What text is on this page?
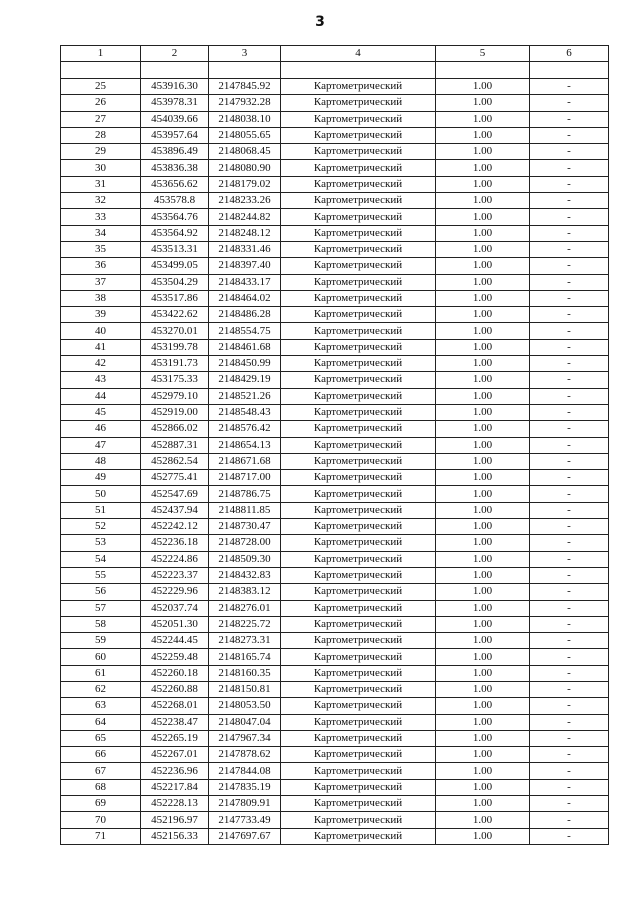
3
1	2	3	4	5	6

25	453916.30	2147845.92	Картометрический	1.00	-
26	453978.31	2147932.28	Картометрический	1.00	-
27	454039.66	2148038.10	Картометрический	1.00	-
28	453957.64	2148055.65	Картометрический	1.00	-
29	453896.49	2148068.45	Картометрический	1.00	-
30	453836.38	2148080.90	Картометрический	1.00	-
31	453656.62	2148179.02	Картометрический	1.00	-
32	453578.8	2148233.26	Картометрический	1.00	-
33	453564.76	2148244.82	Картометрический	1.00	-
34	453564.92	2148248.12	Картометрический	1.00	-
35	453513.31	2148331.46	Картометрический	1.00	-
36	453499.05	2148397.40	Картометрический	1.00	-
37	453504.29	2148433.17	Картометрический	1.00	-
38	453517.86	2148464.02	Картометрический	1.00	-
39	453422.62	2148486.28	Картометрический	1.00	-
40	453270.01	2148554.75	Картометрический	1.00	-
41	453199.78	2148461.68	Картометрический	1.00	-
42	453191.73	2148450.99	Картометрический	1.00	-
43	453175.33	2148429.19	Картометрический	1.00	-
44	452979.10	2148521.26	Картометрический	1.00	-
45	452919.00	2148548.43	Картометрический	1.00	-
46	452866.02	2148576.42	Картометрический	1.00	-
47	452887.31	2148654.13	Картометрический	1.00	-
48	452862.54	2148671.68	Картометрический	1.00	-
49	452775.41	2148717.00	Картометрический	1.00	-
50	452547.69	2148786.75	Картометрический	1.00	-
51	452437.94	2148811.85	Картометрический	1.00	-
52	452242.12	2148730.47	Картометрический	1.00	-
53	452236.18	2148728.00	Картометрический	1.00	-
54	452224.86	2148509.30	Картометрический	1.00	-
55	452223.37	2148432.83	Картометрический	1.00	-
56	452229.96	2148383.12	Картометрический	1.00	-
57	452037.74	2148276.01	Картометрический	1.00	-
58	452051.30	2148225.72	Картометрический	1.00	-
59	452244.45	2148273.31	Картометрический	1.00	-
60	452259.48	2148165.74	Картометрический	1.00	-
61	452260.18	2148160.35	Картометрический	1.00	-
62	452260.88	2148150.81	Картометрический	1.00	-
63	452268.01	2148053.50	Картометрический	1.00	-
64	452238.47	2148047.04	Картометрический	1.00	-
65	452265.19	2147967.34	Картометрический	1.00	-
66	452267.01	2147878.62	Картометрический	1.00	-
67	452236.96	2147844.08	Картометрический	1.00	-
68	452217.84	2147835.19	Картометрический	1.00	-
69	452228.13	2147809.91	Картометрический	1.00	-
70	452196.97	2147733.49	Картометрический	1.00	-
71	452156.33	2147697.67	Картометрический	1.00	-
